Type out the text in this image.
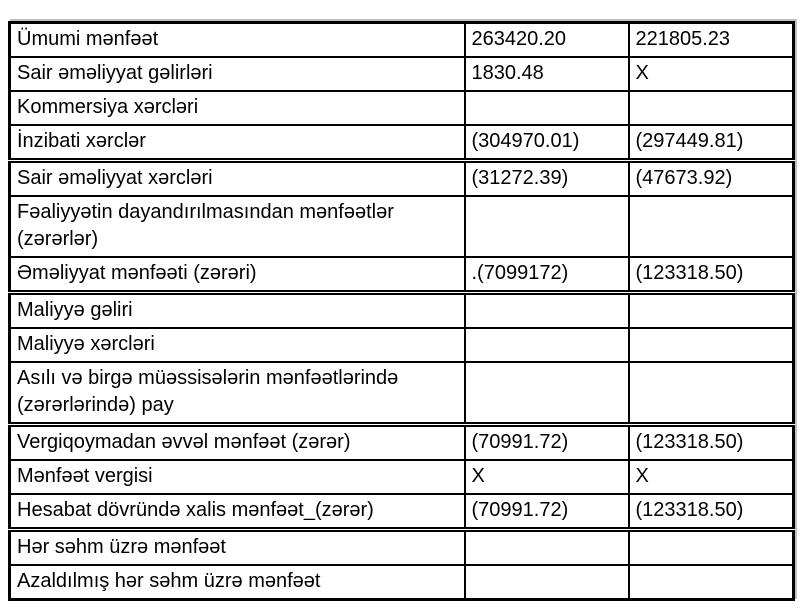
Ümumi mənfəət	263420.20	221805.23
Sair əməliyyat gəlirləri	1830.48	X
Kommersiya xərcləri		
İnzibati xərclər	(304970.01)	(297449.81)
Sair əməliyyat xərcləri	(31272.39)	(47673.92)
Fəaliyyətin dayandırılmasından mənfəətlər (zərərlər)		
Əməliyyat mənfəəti (zərəri)	.(7099172)	(123318.50)
Maliyyə gəliri		
Maliyyə xərcləri		
Asılı və birgə müəssisələrin mənfəətlərində (zərərlərində) pay		
Vergiqoymadan əvvəl mənfəət (zərər)	(70991.72)	(123318.50)
Mənfəət vergisi	X	X
Hesabat dövründə xalis mənfəət_(zərər)	(70991.72)	(123318.50)
Hər səhm üzrə mənfəət		
Azaldılmış hər səhm üzrə mənfəət		
